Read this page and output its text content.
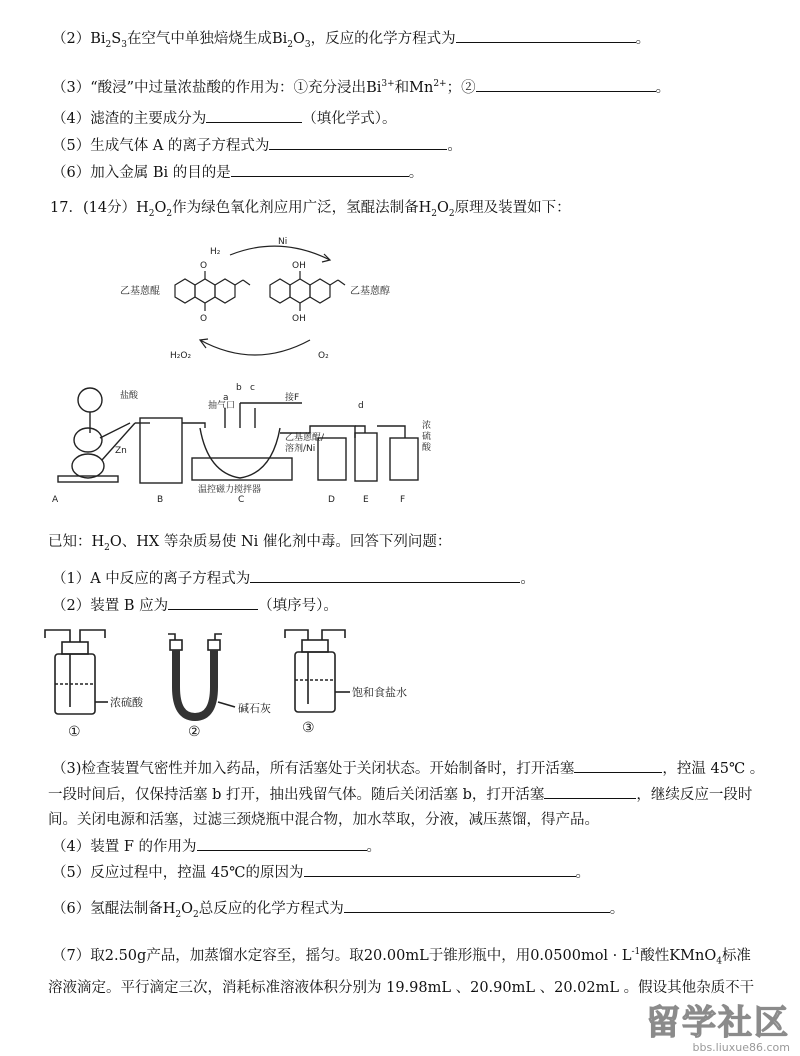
$(2)Bi_2S_3$在空气中单独焙烧生成$Bi_2O_3$，反应的化学方程式为	。
（3）“酸浸”中过量浓盐酸的作用为：①充分浸出$Bi^{3+}$和$Mn^{2+}$；②	。
（4）滤渣的主要成分为	（填化学式）。
（5）生成气体 A 的离子方程式为	。
（6）加入金属 Bi 的目的是	。
17．(14分）$H_2O_2$作为绿色氧化剂应用广泛，氢醌法制备$H_2O_2$原理及装置如下：
H₂
Ni
O
O
OH
OH
H₂O₂	O₂
乙基蒽醌	乙基蒽醇
盐酸
Zn
抽气口
a
b c
接F
乙基蒽醌/
溶剂/Ni
温控磁力搅拌器
d
浓
硫
酸
A	B	C	D	E	F
已知：$H_2O$、HX 等杂质易使 Ni 催化剂中毒。回答下列问题：
（1）A 中反应的离子方程式为	。
（2）装置 B 应为	（填序号）。
浓硫酸	碱石灰
饱和食盐水
①	②	③
（3)检查装置气密性并加入药品，所有活塞处于关闭状态。开始制备时，打开活塞	，控温 45℃ 。
一段时间后，仅保持活塞 b 打开，抽出残留气体。随后关闭活塞 b，打开活塞	，继续反应一段时
间。关闭电源和活塞，过滤三颈烧瓶中混合物，加水萃取，分液，减压蒸馏，得产品。
（4）装置 F 的作用为	。
（5）反应过程中，控温 45℃的原因为	。
（6）氢醌法制备$H_2O_2$总反应的化学方程式为	。
（7）取2.50g产品，加蒸馏水定容至，摇匀。取20.00mL于锥形瓶中，用$0.0500mol \cdot L^{-1}$酸性KMnO$_4$标准
溶液滴定。平行滴定三次，消耗标准溶液体积分别为 19.98mL 、20.90mL 、20.02mL 。假设其他杂质不干
留学社区
bbs.liuxue86.com
